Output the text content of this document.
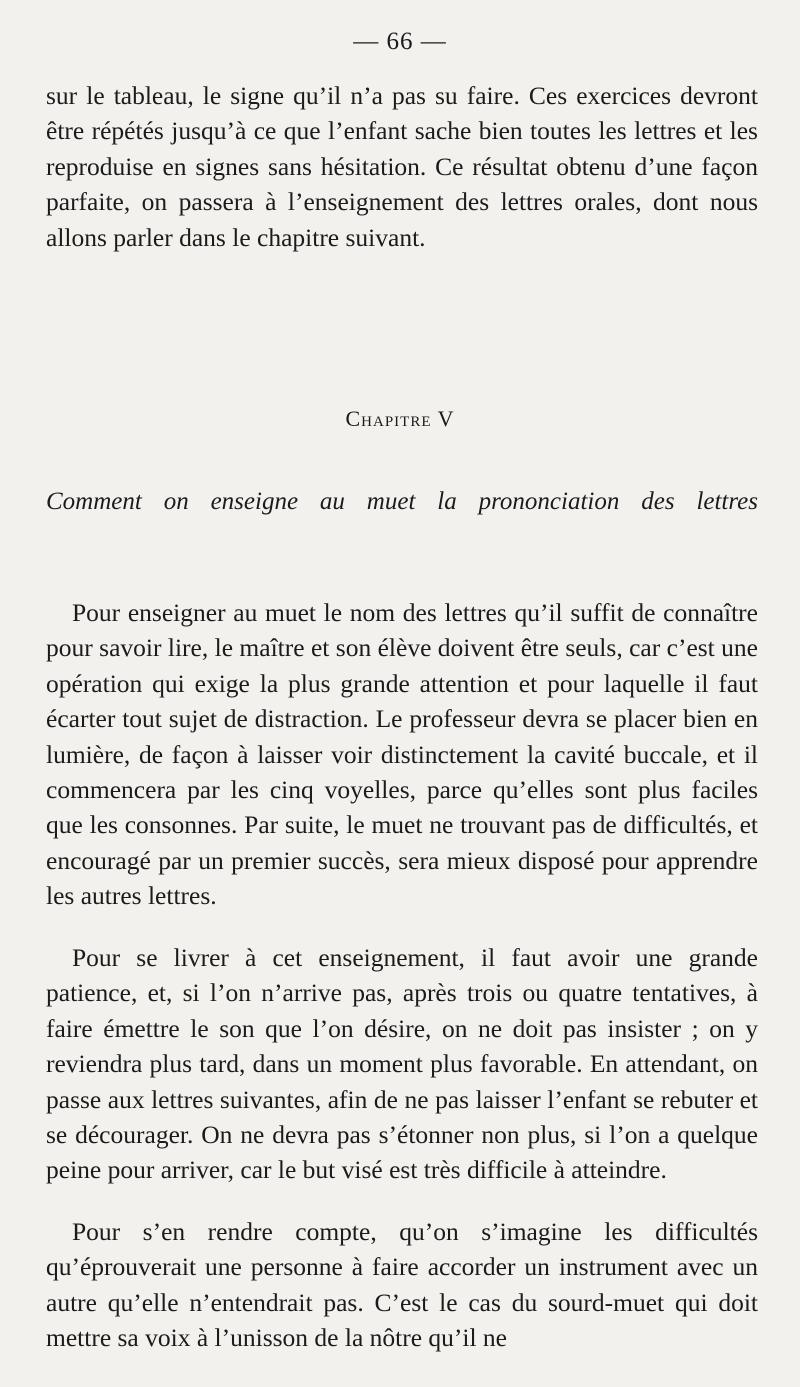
— 66 —

sur le tableau, le signe qu’il n’a pas su faire. Ces exercices devront être répétés jusqu’à ce que l’enfant sache bien toutes les lettres et les reproduise en signes sans hésitation. Ce résultat obtenu d’une façon parfaite, on passera à l’enseignement des lettres orales, dont nous allons parler dans le chapitre suivant.

Chapitre V

Comment on enseigne au muet la prononciation des lettres

Pour enseigner au muet le nom des lettres qu’il suffit de connaître pour savoir lire, le maître et son élève doivent être seuls, car c’est une opération qui exige la plus grande attention et pour laquelle il faut écarter tout sujet de distraction. Le professeur devra se placer bien en lumière, de façon à laisser voir distinctement la cavité buccale, et il commencera par les cinq voyelles, parce qu’elles sont plus faciles que les consonnes. Par suite, le muet ne trouvant pas de difficultés, et encouragé par un premier succès, sera mieux disposé pour apprendre les autres lettres.

Pour se livrer à cet enseignement, il faut avoir une grande patience, et, si l’on n’arrive pas, après trois ou quatre tentatives, à faire émettre le son que l’on désire, on ne doit pas insister ; on y reviendra plus tard, dans un moment plus favorable. En attendant, on passe aux lettres suivantes, afin de ne pas laisser l’enfant se rebuter et se décourager. On ne devra pas s’étonner non plus, si l’on a quelque peine pour arriver, car le but visé est très difficile à atteindre.

Pour s’en rendre compte, qu’on s’imagine les difficultés qu’éprouverait une personne à faire accorder un instrument avec un autre qu’elle n’entendrait pas. C’est le cas du sourd-muet qui doit mettre sa voix à l’unisson de la nôtre qu’il ne
